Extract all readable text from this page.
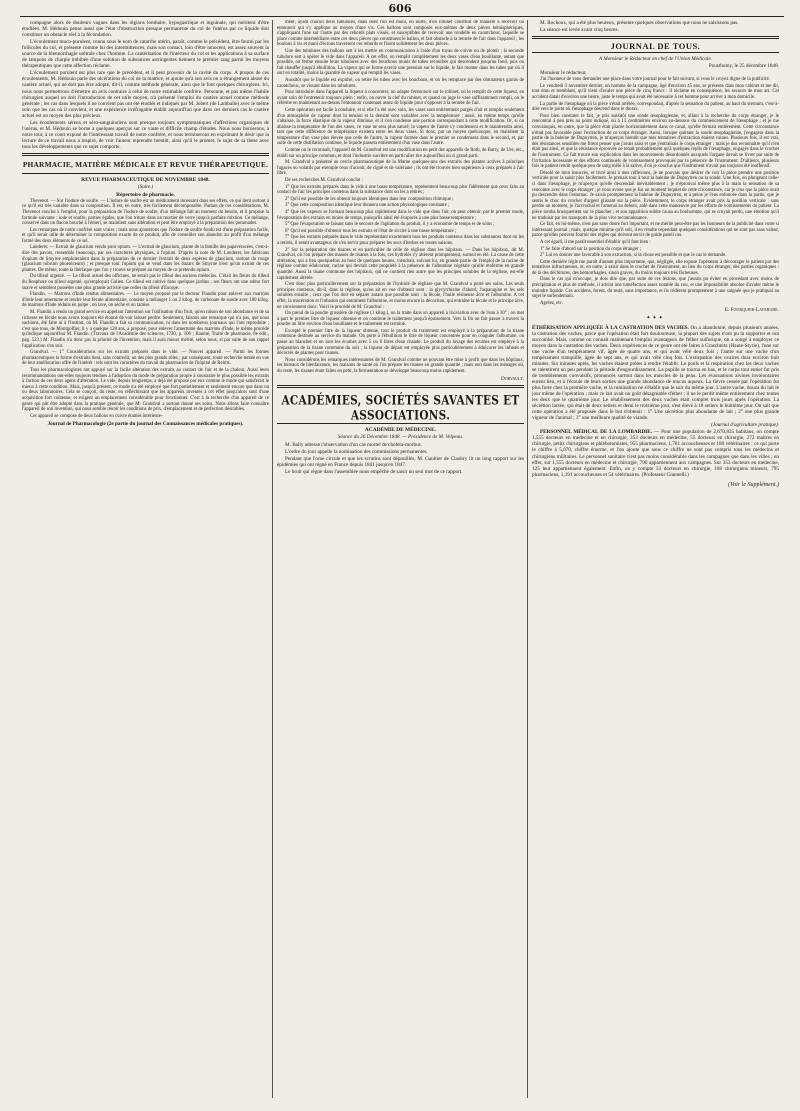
606

compagne alors de douleurs vagues dans les régions lombaire, hypogastrique et inguinale, qui méritent d'être étudiées. M. Hédouin pense aussi que l'état d'obstruction presque permanente du col de l'utérus par ce liquide doit constituer un obstacle réel à la fécondation.

L'écoulement muco-purulent, connu sous le nom de catarrhe utérin, paraît, comme le précédent, être fourni par les follicules du col, et présente comme lui des intermittences, mais son contact, loin d'être innocent, est assez souvent la source de la blennorrhagie urétrale chez l'homme. La cautérisation de l'intérieur du col et les applications à sa surface de tampons de charpie imbibée d'une solution de substances astringentes tiennent le premier rang parmi les moyens thérapeutiques que cette affection réclame.

L'écoulement purulent est plus rare que le précédent, et il peut provenir de la cavité du corps. A propos de ces écoulements, M. Hédouin parle des ulcérations du col de la matrice, et ajoute qu'à son avis on a étrangement abusé du cautère actuel, qui ne doit pas être adopté, dit-il, comme méthode générale, ainsi que le font quelques chirurgiens. Ici, nous nous permettrons d'émettre un avis contraire à celui de notre estimable confrère. Personne, et pas même l'habile chirurgien auquel on doit l'introduction de cet utile moyen, n'a présenté l'emploi du cautère actuel comme méthode générale ; les cas dans lesquels il ne convient pas ont été étudiés et indiqués par M. Jobert (de Lamballe) avec le même soin que les cas où il convient, et une expérience irréfragable établit aujourd'hui que dans ces derniers cas le cautère actuel est un moyen des plus précieux.

Les écoulements séreux et séro-sanguinolens sont presque toujours symptomatiques d'affections organiques de l'utérus, et M. Hédouin se borne à quelques aperçus sur ce vaste et difficile champ d'études. Nous nous bornerons, à notre tour, à ce court exposé de l'intéressant travail de notre confrère, et nous terminerons en exprimant le désir que la lecture de ce travail nous a inspiré, de voir l'auteur reprendre bientôt, ainsi qu'il le promet, le sujet de sa thèse avec tous les développements que ce sujet comporte.

PHARMACIE, MATIÈRE MÉDICALE ET REVUE THÉRAPEUTIQUE.
REVUE PHARMACEUTIQUE DE NOVEMBRE 1848.
(Suite.)
Répertoire de pharmacie.

Thevenot. — Sur l'iodure de soufre. — L'iodure de soufre est un médicament incessant dans ses effets, ce qui tient surtout à ce qu'il est très variable dans sa composition. Il est, en outre, très facilement décomposable. Partant de ces considérations, M. Thevenot conclut à l'emploi, pour la préparation de l'iodure de soufre, d'un mélange fait au moment du besoin, et il propose la formule suivante : iode et soufre, parties égales, que l'on triture dans un mortier de verre jusqu'à parfaite mixtion. Ce mélange, conservé dans un flacon bouché à l'émeri, se maintient sans altération et peut être employé à la préparation des pommades.

Les remarques de notre confrère sont vraies ; mais nous ajouterons que l'iodure de soufre fondu est d'une préparation facile, et qu'il serait utile de déterminer la composition exacte de ce produit, afin de conseiller son abandon au profit d'un mélange formé des deux éléments de ce sel.

Landerer. — Extrait de glaucium vendu pour opium. — L'extrait de glaucium, plante de la famille des papavéracées, c'est-à-dire des pavots, ressemble beaucoup, par ses caractères physiques, à l'opium. D'après la note de M. Landerer, les fabricans d'opium de Smyrne emploieraient dans la préparation de ce dernier l'extrait de deux espèces de glaucium, surtout du rouge (glaucium rubrum phoeniceum) ; et presque tout l'opium qui se vend dans les bazars de Smyrne n'est qu'un extrait de ces plantes. De même, toute la thériaque que l'on y trouve se prépare au moyen de ce prétendu opium.

Du tilleul argenté. — Le tilleul actuel des officines, ne serait pas le tilleul des anciens médecins. C'était les fleurs du tilleul du Bosphore ou tilleul argenté, qu'employait Galien. Ce tilleul est cultivé dans quelques jardins ; ses fleurs ont une odeur fort suave et semblent posséder une plus grande activité que celles du tilleul d'Europe.

Flandin. — Marrons d'Inde rendus alimentaires. — Le moyen proposé par le docteur Flandin pour enlever aux marrons d'Inde leur amertume et rendre leur fécule alimentaire, consiste à mélanger 1 ou 2 kilog. de carbonate de soude avec 100 kilog. de marrons d'Inde réduits en pulpe ; on lave, on sèche et on tamise.

M. Flandin a rendu un grand service en appelant l'attention sur l'utilisation d'un fruit, qu'en raison de son abondance et de sa richesse en fécule nous avons toujours été étonné de voir laisser perdre. Seulement, faisons une remarque qui n'a pas, que nous sachions, été faite ni à l'Institut, où M. Flandin a fait sa communication, ni dans les nombreux journaux qui l'ont reproduite ; c'est que tous, de Montgolfier, il y a quelque 128 ans, a proposé, pour enlever l'amertume des marrons d'Inde, le même procédé qu'indique aujourd'hui M. Flandin. (Travaux de l'Académie des sciences, 1720, p. 106 ; Baumé, Traité de pharmacie, 8e édit., pag. 523.) M. Flandin n'a donc pas la priorité de l'invention, mais il aura mieux mérité, selon nous, si par suite de son rappel l'application s'en suit.

Grandval. — 1° Considérations sur les extraits préparés dans le vide. — Nouvel appareil. — Parmi les formes pharmaceutiques la forme d'extraits tient, sans contredit, un des plus grands rôles ; par conséquent, toute recherche tentée en vue de leur amélioration offre de l'intérêt : tels sont les caractères du travail du pharmacien de l'hôpital de Reims.

Tous les pharmacologistes ont appuyé sur la facile altération des extraits au contact de l'air et de la chaleur. Aussi leurs recommandations ont-elles toujours tendues à l'adoption du mode de préparation propre à soustraire le plus possible les extraits à l'action de ces deux agens d'altération. Le vide, depuis longtemps, a déjà été proposé par eux comme le mode qui satisferait le mieux à cette condition. Mais, jusqu'à présent, ce mode n'a été employé que fort partiellement et seulement encore que dans un ou deux laboratoires. Cela se conçoit, du reste, en réfléchissant que les appareils inventés à cet effet jusqu'alors sont d'une acquisition fort coûteuse, et exigent un emplacement considérable pour fonctionner. C'est à la recherche d'un appareil de ce genre qui pût être adopté dans la pratique générale, que M. Grandval a surtout donné ses soins. Nous allons faire connaître l'appareil de son invention, qui nous semble réunir les conditions de prix, d'emplacement et de perfection désirables.

Cet appareil se compose de deux ballons en cuivre étamés intérieure-

Journal de Pharmacologie (2e partie du journal des Connaissances médicales pratiques).

ment, ayant chacun deux tubulures, mais dont l'un est muni, en outre, d'un robinet construit de manière à recevoir un entonnoir qui s'y applique au moyen d'une vis. Ces ballons sont composés eux-mêmes de deux pièces hémisphériques, s'appliquant l'une sur l'autre par des rebords plats vissés, et susceptibles de recevoir une rondelle en caoutchouc, laquelle se place comme intermédiaire entre ces deux pièces qui constituent le ballon, et fait obstacle à la rentrée de l'air dans l'appareil ; les boulons à vis et muni d'écrous traversent ces rebords et fixent solidement les deux pièces.

Une des tubulures des ballons sert à les mettre en communication à l'aide d'un tuyau de cuivre ou de plomb ; la seconde tubulure sert à opérer le vide dans l'appareil. A cet effet, on remplit complètement les deux vases d'eau bouillante, autant que possible, on ferme ensuite leurs tubulures avec des bouchons munis de tubes recourbés qui descendent jusqu'au fond, puis on fait chauffer jusqu'à ébullition. La vapeur qui se forme exerce une pression sur le liquide, le fait monter dans les tubes par où il sort en totalité, moins la quantité de vapeur qui remplit les vases.

Aussitôt que le liquide est expulsé, on retire les tubes avec les bouchons, et on les remplace par des obturateurs garnis de caoutchouc, se vissant dans les tubulures.

Pour introduire dans l'appareil la liqueur à concentrer, on adapte l'entonnoir sur le robinet, on le remplit de cette liqueur, en ayant soin de l'entretenir toujours plein ; enfin, on ouvre la clef du robinet, et quand on juge le vase suffisamment rempli, on le referme en maintenant au-dessus l'entonnoir contenant assez de liquide pour s'opposer à la rentrée de l'air.

Cette opération est facile à conduire, et si elle l'a été avec soin, les vases sont entièrement purgés d'air et remplis seulement d'un atmosphère de vapeur dont la tension et la densité sont variables avec la température ; aussi, en même temps qu'elle s'abaisse, la force élastique de la vapeur diminue, et il s'en condense une portion correspondant à cette modification. Or, si on abaisse la température de l'un des vases, ce vase ne sera plus saturé, la vapeur de l'autre s'y condensera et le maintiendra ainsi, tant que cette différence de température existera entre les deux vases. Si donc, par un moyen quelconque, on maintient la température d'un vase plus élevée que celle de l'autre, la vapeur formée dans le premier se condensera dans le second, et, par suite de cette distillation continue, le liquide passera entièrement d'un vase dans l'autre.

Comme on le reconnaît, l'appareil de M. Grandval est une modification en petit des appareils de Roth, de Barry, de Ure, etc., établi sur un principe commun, et dont l'industrie sucrière en particulier tire aujourd'hui un si grand parti.

M. Grandval a présenté au cercle pharmaceutique de la Marne quelques-uns des extraits des plantes actives à principes fugaces ou volatils par exemple ceux d'aconit, de ciguë et de valériane ; ils ont été trouvés bien supérieurs à ceux préparés à l'air libre.

De ses recherches M. Grandval conclut :

1° Que les extraits préparés dans le vide à une basse température, représentent beaucoup plus fidèlement que ceux faits au contact de l'air les principes contenus dans la substance dont on les a retirés ;

2° Qu'il est possible de les obtenir toujours identiques dans leur composition chimique ;

3° Que cette composition identique leur donnera une action physiologique constante ;

4° Que les vapeurs se formant beaucoup plus rapidement dans le vide que dans l'air, on peut obtenir, par le premier mode, l'évaporation des extraits en moins de temps, puisqu'ils ainsi été évaporés à une plus basse température ;

5° Que l'évaporation se faisant sans le secours de l'agitation du produit, il y a économie de temps et de soins ;

6° Qu'il est possible d'obtenir tous les extraits et l'état de siccité à une basse température ;

7° Que les extraits préparés dans le vide représentant exactement tous les produits contenus dans les substances dont on les a retirés, il serait avantageux de s'en servir pour préparer les sucs d'herbes en toutes saisons.

2° Sur la préparation des tisanes et en particulier de celle de réglisse dans les hôpitaux. — Dans les hôpitaux, dit M. Grandval, où l'on prépare des masses de tisanes à la fois, ces hydrolés s'y altèrent promptement, surtout en été. La cause de cette altération, qui a lieu quelquefois au bout de quelques heures, viendrait, suivant lui, en grande partie de l'emploi de la racine de réglisse comme édulcorant, racine qui devrait cette propriété à la présence de l'albumine végétale qu'elle renferme en grande quantité. Aussi la tisane commune des hôpitaux, qui ne contient rien autre que les principes solubles de la réglisse, est-elle rapidement altérée.

C'est donc plus particulièrement sur la préparation de l'hydrolé de réglisse que M. Grandval a porté ses soins. Les seuls principes contenus, dit-il, dans la réglisse, qu'on ait en vue d'obtenir sont : la glycyrrhizine d'abord, l'asparagine et les sels solubles ensuite ; ceux que l'on doit en séparer autant que possible sont : la fécule, l'huile résineuse âcre et l'albumine. A cet effet, la macération et l'infusion qui entraînent l'albumine, et moins encore la décoction, qui entraîne la fécule et le principe âcre, ne conviennent donc. Voici le procédé de M. Grandval :

On prend de la poudre grossière de réglisse (1 kilog.), on la traite dans un appareil à lixiviation avec de l'eau à 30° ; on met à part le premier litre de liqueur obtenue et on continue le traitement jusqu'à épuisement. Vers la fin on fait passer à travers la poudre un litre environ d'eau bouillante et le traitement est terminé.

Excepté le premier litre de la liqueur obtenue, tout le produit du traitement est employé à la préparation de la tisane commune destinée au service du malade. On porte à l'ébullition le litre de liqueur concentrée pour en coaguler l'albumine, on passe au blanchet et on lave les écumes avec 5 ou 6 litres d'eau chaude. Le produit du lavage des écumes est employé à la préparation de la tisane commune du soir ; la liqueur de départ est employée plus particulièrement à édulcorer les infusés et décoctés de plantes pour tisanes.

Nous considérons les remarques intéressantes de M. Grandval comme ne pouvant être mise à profit que dans les hôpitaux, les bureaux de bienfaisance, les maisons de santé où l'on prépare les tisanes en grande quantité ; mais non dans les ménages où, du reste, les tisanes étant faites en petit, la fermentation se développe beaucoup moins rapidement.

Dorvault.
ACADÉMIES, SOCIÉTÉS SAVANTES ET ASSOCIATIONS.
ACADÉMIE DE MÉDECINE.
Séance du 26 Décembre 1848. — Présidence de M. Velpeau.

M. Bally adresse l'observation d'un cas mortel de choléra-morbus.

L'ordre du jour appelle la nomination des commissions permanentes.

Pendant que l'orne circule et que les scrutins sont dépouillés, M. Gaultier de Claubry lit un long rapport sur les épidémies qui ont régné en France depuis 1841 jusqu'en 1847.

Le bruit qui règne dans l'assemblée nous empêche de saisir un seul mot de ce rapport.

M. Rochoux, qui a été plus heureux, présente quelques observations que nous ne saisissons pas.

La séance est levée avant cinq heures.

JOURNAL DE TOUS.

A Monsieur le Rédacteur en chef de l'Union Médicale.

Pousthomy, le 25 décembre 1848.

Monsieur le rédacteur,

J'ai l'honneur de vous demander une place dans votre journal pour le fait suivant, si vous le croyez digne de la publicité.

Le vendredi 3 novembre dernier, un homme de la campagne, âgé d'environ 45 ans, se présente dans mon cabinet et me dit, tout ému et tremblant, qu'il vient d'avaler une pièce de cinq francs : il réclame en conséquence, les secours de mon art. Cet accident datait d'environ une heure, juste le temps qui avait été nécessaire à cet homme pour arriver à mon domicile.

La partie de l'œsophage où la pièce s'était arrêtée, correspondait, d'après la sensation du patient, au haut du sternum, c'est-à-dire vers le point où l'œsophage descend dans le thorax.

Pour bien constater le fait, je pris aussitôt une sonde œsophagienne, et, allant à la recherche du corps étranger, je le rencontrai à peu près au point indiqué, où à 13 centimètres environ au-dessous du commencement de l'œsophage ; et je me convainquis, en outre, que la pièce était placée horizontalement dans ce canal, qu'elle fermait entièrement. Cette circonstance n'était pas favorable pour l'extraction de ce corps étranger. Aussi, lorsque quittant la sonde œsophagienne, j'engageai dans la partie de la baleine de Dupuytren, je m'aperçus bientôt que mes tentatives d'extraction étaient vaines. Plusieurs fois, il est vrai, des résistances sensibles me firent penser que j'avais saisi et que j'entraînais le corps étranger ; mais je dus reconnaître qu'il n'en était pas ainsi, et que la résistance éprouvée ne tenait probablement qu'à quelques replis de l'œsophage, engagés dans le crochet de l'instrument. Ce fait trouve son explication dans les mouvements désordonnés auxquels l'organe devait se livrer par suite de l'irritation incessante et des efforts continuels de vomissement provoqués par la présence de l'instrument. D'ailleurs, plusieurs fois le patient rendit quelque peu de sang mêlé à la salive, d'où je conclus que l'instrument n'avait pas toujours été inoffensif.

Désolé de mon insuccès, et livré ainsi à mes réflexions, je ne pouvais que désirer de voir la pièce prendre une position verticale pour la saisir plus facilement. Je prenais tour à tour la baleine de Dupuytren ou la sonde. Une fois, en plongeant celle-ci dans l'œsophage, je m'aperçus qu'elle descendait inévitablement ; je n'éprouvai même plus à la main la sensation de sa rencontre avec le corps étranger ; je vous avoue que je fus un moment inquiet de cette circonstance, car je crus que la pièce avait pu descendre dans l'estomac. Je saisis promptement la baleine de Dupuytren, et à peine je l'eus enfoncée dans la partie, que je sentis le choc du crochet d'argent glissant sur la pièce. Evidemment, le corps étranger avait pris la position verticale : sans perdre un moment, je l'accrochai et l'amenai au dehors, aidé dans cette manœuvre par les efforts de vomissements du patient. La pièce tomba brusquement sur le plancher ; et son apparition subite causa au bonhomme, qui se croyait perdu, une émotion qu'il ne traduisit par les transports de la plus vive reconnaissance.

Ce fait, en lui-même, n'est pas sans doute fort important, et ne mérite peut-être pas les honneurs de la publicité dans votre si intéressant journal ; mais, quelque minime qu'il soit, il en résulte cependant quelques considérations qui ne sont pas sans valeur, parce qu'elles peuvent fournir des règles qui doivent servir de guide pareil cas.

A cet égard, il me paraît essentiel d'établir qu'il faut bien :

1° Se faire d'abord sur la position du corps étranger ;

2° Lui en donner une favorable à son extraction, si la chose est possible et que le cas le demande.

Cette dernière règle me paraît d'autant plus importante, que, négligée, elle expose l'opérateur à décourager le patient par des tentatives infructueuses, et, en outre, à saisir dans le crochet de l'instrument, au lieu du corps étranger, des parties organiques : de là des déchirures, des hémorrhagies, sinon graves, du moins toujours très fâcheuses.

Dans le cas qui m'occupe, je dois dire que, par suite de ces lésions, que j'aurais pu éviter en procédant avec moins de précipitation et plus de méthode, il advint une tuméfaction assez notable du cou, et une impossibilité absolue d'avaler même le moindre liquide. Ces accidens, forent, du reste, sans importance, et ils cédèrent promptement à une saignée que je pratiquai au sujet le surlendemain.

Agréez, etc.

E. Fourquier-Laverghe.
✦✦✦

ÉTHÉRISATION APPLIQUÉE À LA CASTRATION DES VACHES. On a abandonné, depuis plusieurs années, la castration des vaches, parce que l'opération était fort douloureuse, la plupart des sujets n'ont pu la supporter et ont succombé. Mais, comme on connaît maintenant l'emploi avantageux de l'éther sulfurique, on a songé à employer ce moyen dans la castration des vaches. Deux expériences de ce genre ont été faites à Graschnitz (Haute-Styrie), l'une sur une vache d'un tempérament vif, âgée de quatre ans, et qui avait vêlé deux fois ; l'autre sur une vache d'un tempérament tranquille, âgée de sept ans, et qui avait vêlé cinq fois. L'extirpation des ovaires dura environ huit minutes. Six minutes après, les vaches étaient prêtes à rendre l'établir. Le pouls et la respiration chez les deux vaches se ralentirent un peu pendant la période d'engourdissement. La pupille se tourna en bas, et le corps tout entier fut pris de tremblements convulsifs, prononcés surtout dans les muscles de la peau. Les évacuations alvines involontaires eurent lieu, et à l'écoulé de leurs sorties une grande abondance de mucus aqueux. La fièvre cessée par l'opération fut plus forte chez la première vache, et la rumination ne s'établit que le soir du même jour. L'autre vache, douza du lait le jour même de l'opération ; mais ce lait avait un goût désagréable d'éther ; il ne le perdit même entièrement chez toutes les deux que le quatrième jour. Le rétablissement des deux vaches était complet trois jours après l'opération. La sécrétion lactée, qui était de deux setiers et demi le troisième jour, s'est élevé à 18 setiers le huitième jour. On sait que cette opération a été proposée dans le but d'obtenir : 1° Une sécrétion plus abondante de lait ; 2° une plus grande vigueur de l'animal ; 3° une meilleure qualité de viande.

(Journal d'agriculture pratique).

PERSONNEL MÉDICAL DE LA LOMBARDIE. — Pour une population de 2,670,835 habitans, on compte 1,555 docteurs en médecine et en chirurgie, 353 docteurs en médecine, 55 docteurs en chirurgie, 272 maîtres en chirurgie, petits chirurgiens et phlébotomistes, 955 pharmaciens, 1,781 accoucheuses et 180 vétérinaires : ce qui porte le chiffre à 5,070, chiffre énorme, et l'on ajoute que sous ce chiffre ne sont pas compris tous les médecins et chirurgiens militaires. Le personnel sanitaire n'est pas moins considérable dans les campagnes que dans les villes ; en effet, sur 1,555 docteurs en médecine et chirurgie, 790 appartiennent aux campagnes. Sur 353 docteurs en médecine, 125 leur appartiennent également. Enfin, on y compte 33 docteurs en chirurgie, 168 chirurgiens mineurs, 795 pharmaciens, 1,191 accoucheuses et 54 vétérinaires. (Professeur Giannelli.)

(Voir le Supplément.)
